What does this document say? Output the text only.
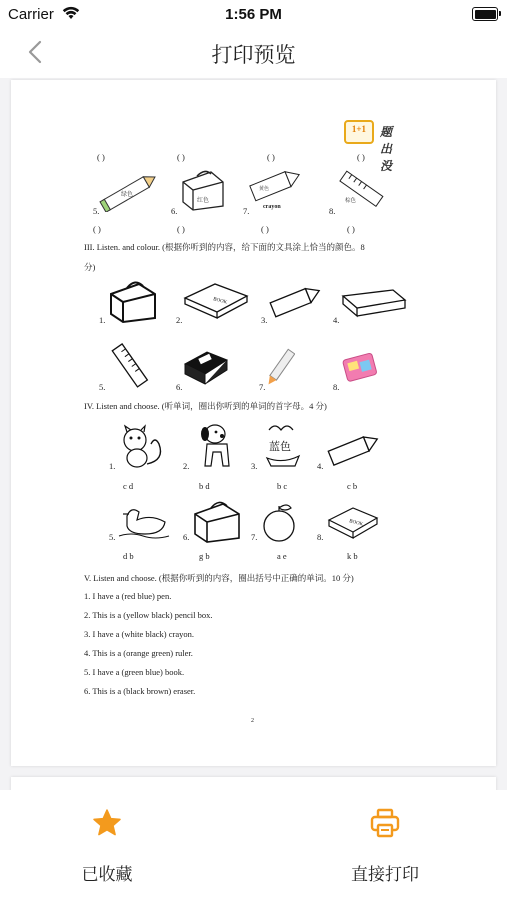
Carrier	1:56 PM
打印预览
1+1	题出没
( )	( )	( )	( )
5.
绿色
6.
红色
7.
黄色
crayon	8.
棕色
( )	( )	( )	( )
III. Listen. and colour. (根据你听到的内容，给下面的文具涂上恰当的颜色。8
分)
1.	2.
BOOK
3.	4.
5.	6.	7.	8.
IV. Listen and choose. (听单词，圈出你听到的单词的首字母。4 分)
1.
c d
2.
b d
3.
蓝色
b c
4.
c b
5.
d b
6.
g b
7.
a e
8.
BOOK
k b
V. Listen and choose. (根据你听到的内容，圈出括号中正确的单词。10 分)
1. I have a (red blue) pen.
2. This is a (yellow black) pencil box.
3. I have a (white black) crayon.
4. This is a (orange green) ruler.
5. I have a (green blue) book.
6. This is a (black brown) eraser.
2
已收藏	直接打印
